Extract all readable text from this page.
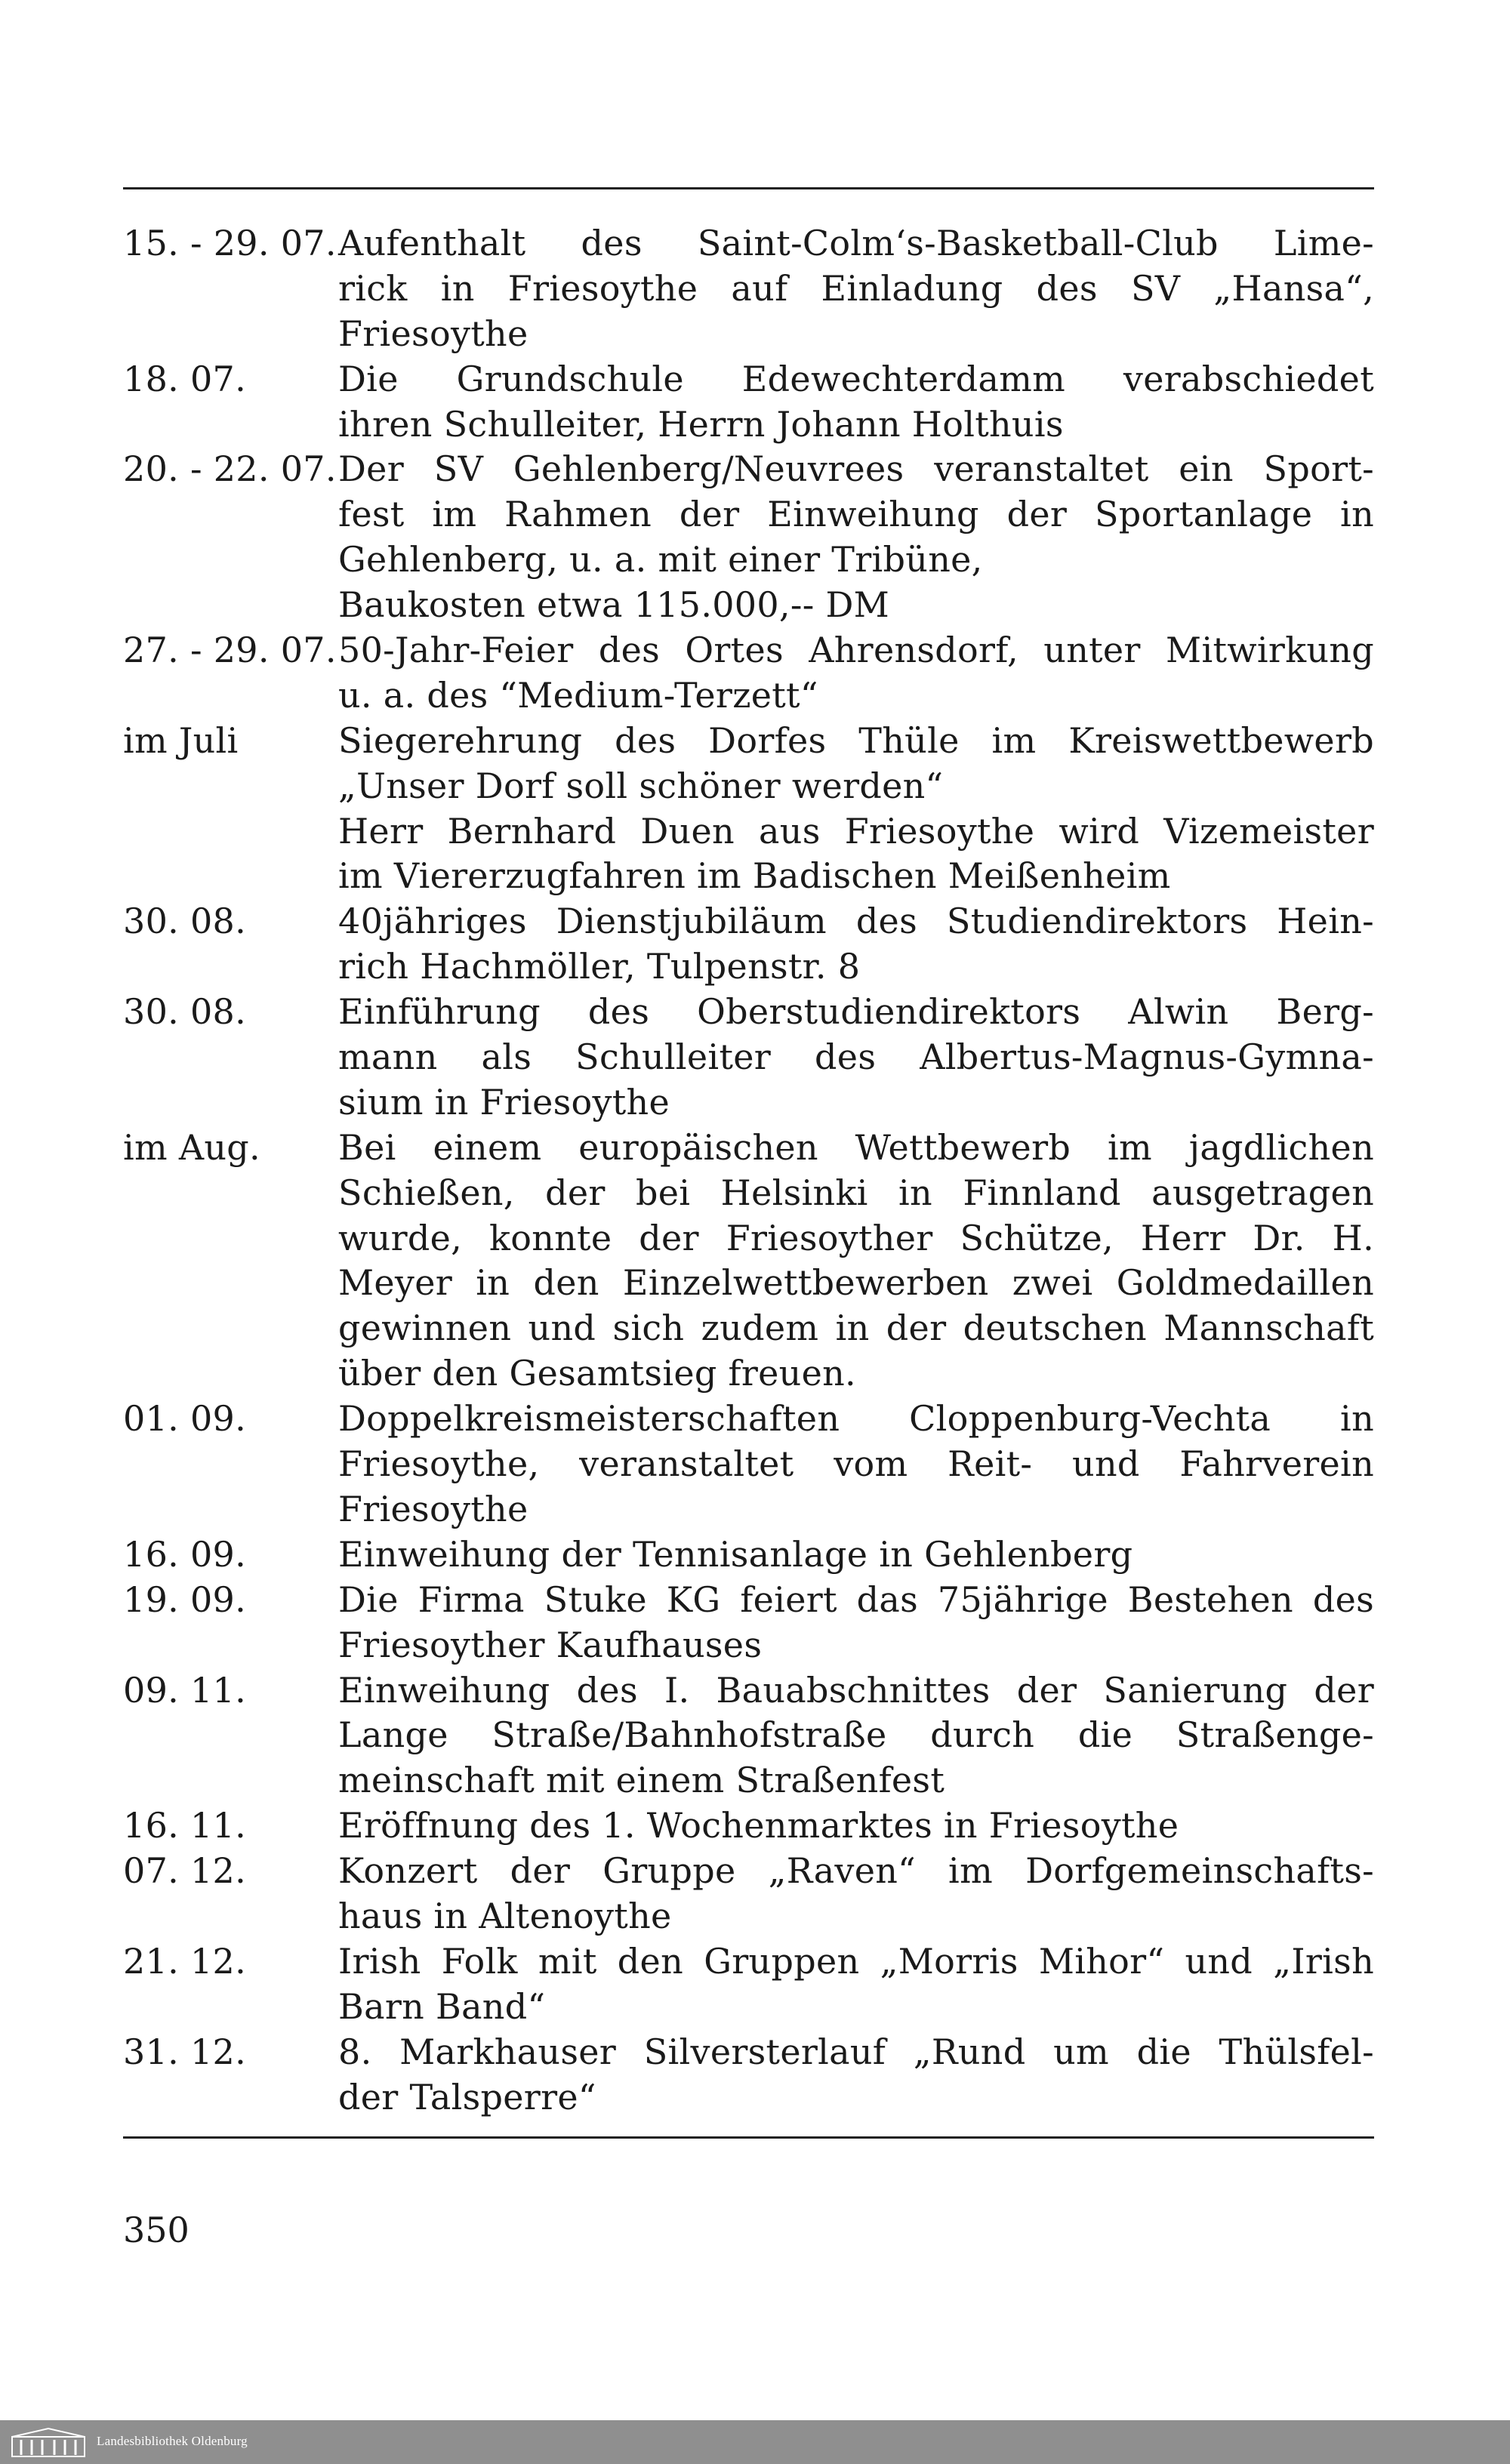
15. - 29. 07. Aufenthalt des Saint-Colm‘s-Basketball-Club Lime-
rick in Friesoythe auf Einladung des SV „Hansa“,
Friesoythe
18. 07.	Die Grundschule Edewechterdamm verabschiedet
ihren Schulleiter, Herrn Johann Holthuis
20. - 22. 07. Der SV Gehlenberg/Neuvrees veranstaltet ein Sport-
fest im Rahmen der Einweihung der Sportanlage in
Gehlenberg, u. a. mit einer Tribüne,
Baukosten etwa 115.000,-- DM
27. - 29. 07. 50-Jahr-Feier des Ortes Ahrensdorf, unter Mitwirkung
u. a. des “Medium-Terzett“
im Juli	Siegerehrung des Dorfes Thüle im Kreiswettbewerb
„Unser Dorf soll schöner werden“
Herr Bernhard Duen aus Friesoythe wird Vizemeister
im Viererzugfahren im Badischen Meißenheim
30. 08.	40jähriges Dienstjubiläum des Studiendirektors Hein-
rich Hachmöller, Tulpenstr. 8
30. 08.	Einführung des Oberstudiendirektors Alwin Berg-
mann als Schulleiter des Albertus-Magnus-Gymna-
sium in Friesoythe
im Aug.	Bei einem europäischen Wettbewerb im jagdlichen
Schießen, der bei Helsinki in Finnland ausgetragen
wurde, konnte der Friesoyther Schütze, Herr Dr. H.
Meyer in den Einzelwettbewerben zwei Goldmedaillen
gewinnen und sich zudem in der deutschen Mannschaft
über den Gesamtsieg freuen.
01. 09.	Doppelkreismeisterschaften Cloppenburg-Vechta in
Friesoythe, veranstaltet vom Reit- und Fahrverein
Friesoythe
16. 09.	Einweihung der Tennisanlage in Gehlenberg
19. 09.	Die Firma Stuke KG feiert das 75jährige Bestehen des
Friesoyther Kaufhauses
09. 11.	Einweihung des I. Bauabschnittes der Sanierung der
Lange Straße/Bahnhofstraße durch die Straßenge-
meinschaft mit einem Straßenfest
16. 11.	Eröffnung des 1. Wochenmarktes in Friesoythe
07. 12.	Konzert der Gruppe „Raven“ im Dorfgemeinschafts-
haus in Altenoythe
21. 12.	Irish Folk mit den Gruppen „Morris Mihor“ und „Irish
Barn Band“
31. 12.	8. Markhauser Silversterlauf „Rund um die Thülsfel-
der Talsperre“
350
Landesbibliothek Oldenburg
